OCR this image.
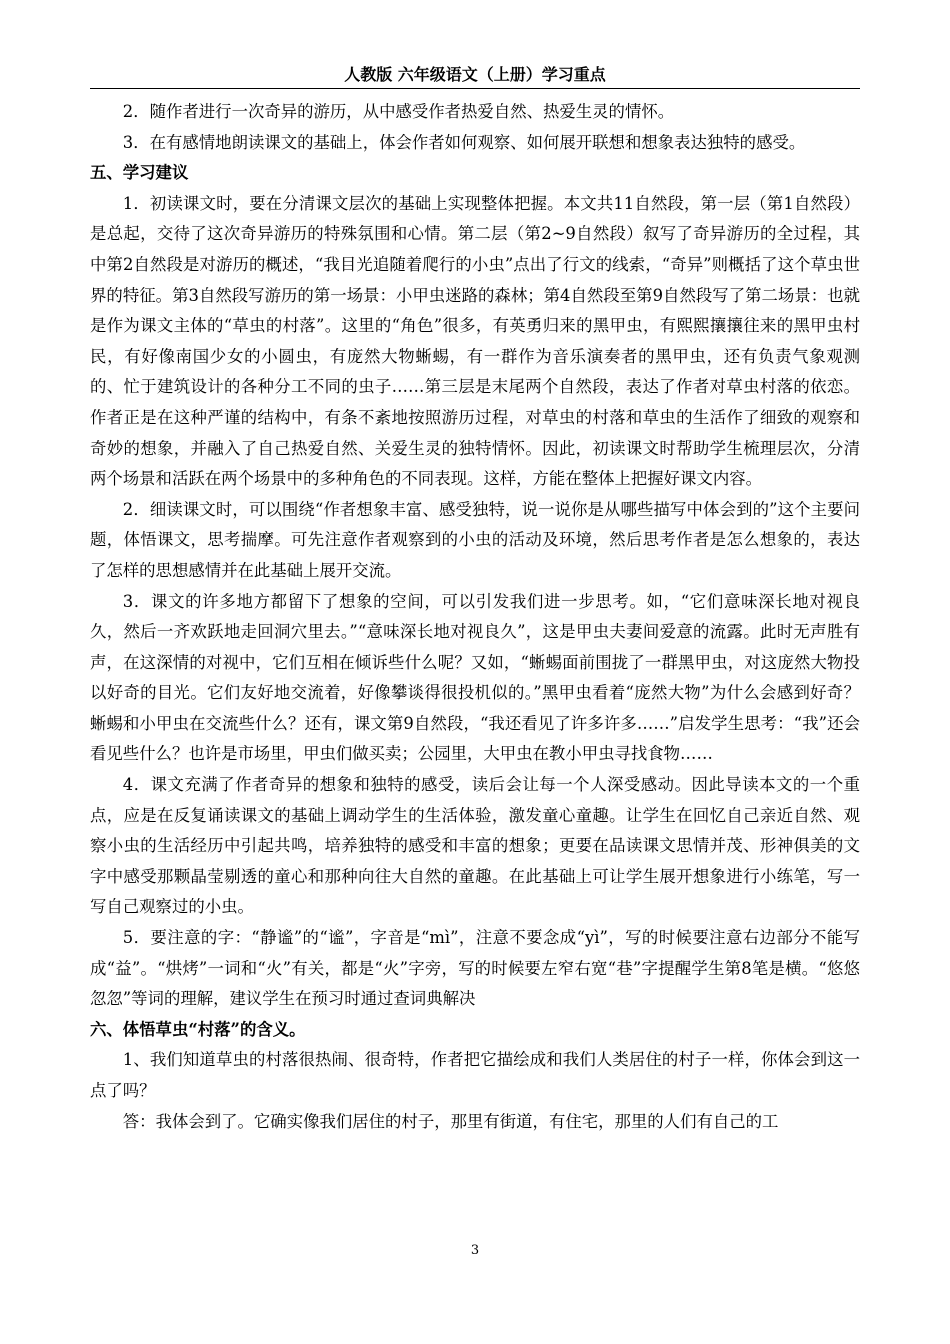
人教版 六年级语文（上册）学习重点

2．随作者进行一次奇异的游历，从中感受作者热爱自然、热爱生灵的情怀。

3．在有感情地朗读课文的基础上，体会作者如何观察、如何展开联想和想象表达独特的感受。

五、学习建议

1．初读课文时，要在分清课文层次的基础上实现整体把握。本文共11自然段，第一层（第1自然段）是总起，交待了这次奇异游历的特殊氛围和心情。第二层（第2~9自然段）叙写了奇异游历的全过程，其中第2自然段是对游历的概述，“我目光追随着爬行的小虫”点出了行文的线索，“奇异”则概括了这个草虫世界的特征。第3自然段写游历的第一场景：小甲虫迷路的森林；第4自然段至第9自然段写了第二场景：也就是作为课文主体的“草虫的村落”。这里的“角色”很多，有英勇归来的黑甲虫，有熙熙攘攘往来的黑甲虫村民，有好像南国少女的小圆虫，有庞然大物蜥蜴，有一群作为音乐演奏者的黑甲虫，还有负责气象观测的、忙于建筑设计的各种分工不同的虫子……第三层是末尾两个自然段，表达了作者对草虫村落的依恋。作者正是在这种严谨的结构中，有条不紊地按照游历过程，对草虫的村落和草虫的生活作了细致的观察和奇妙的想象，并融入了自己热爱自然、关爱生灵的独特情怀。因此，初读课文时帮助学生梳理层次，分清两个场景和活跃在两个场景中的多种角色的不同表现。这样，方能在整体上把握好课文内容。

2．细读课文时，可以围绕“作者想象丰富、感受独特，说一说你是从哪些描写中体会到的”这个主要问题，体悟课文，思考揣摩。可先注意作者观察到的小虫的活动及环境，然后思考作者是怎么想象的，表达了怎样的思想感情并在此基础上展开交流。

3．课文的许多地方都留下了想象的空间，可以引发我们进一步思考。如，“它们意味深长地对视良久，然后一齐欢跃地走回洞穴里去。”“意味深长地对视良久”，这是甲虫夫妻间爱意的流露。此时无声胜有声，在这深情的对视中，它们互相在倾诉些什么呢？又如，“蜥蜴面前围拢了一群黑甲虫，对这庞然大物投以好奇的目光。它们友好地交流着，好像攀谈得很投机似的。”黑甲虫看着“庞然大物”为什么会感到好奇？蜥蜴和小甲虫在交流些什么？还有，课文第9自然段，“我还看见了许多许多……”启发学生思考：“我”还会看见些什么？也许是市场里，甲虫们做买卖；公园里，大甲虫在教小甲虫寻找食物……

4．课文充满了作者奇异的想象和独特的感受，读后会让每一个人深受感动。因此导读本文的一个重点，应是在反复诵读课文的基础上调动学生的生活体验，激发童心童趣。让学生在回忆自己亲近自然、观察小虫的生活经历中引起共鸣，培养独特的感受和丰富的想象；更要在品读课文思情并茂、形神俱美的文字中感受那颗晶莹剔透的童心和那种向往大自然的童趣。在此基础上可让学生展开想象进行小练笔，写一写自己观察过的小虫。

5．要注意的字：“静谧”的“谧”，字音是“mì”，注意不要念成“yì”，写的时候要注意右边部分不能写成“益”。“烘烤”一词和“火”有关，都是“火”字旁，写的时候要左窄右宽“巷”字提醒学生第8笔是横。“悠悠忽忽”等词的理解，建议学生在预习时通过查词典解决

六、体悟草虫“村落”的含义。

1、我们知道草虫的村落很热闹、很奇特，作者把它描绘成和我们人类居住的村子一样，你体会到这一点了吗？

答：我体会到了。它确实像我们居住的村子，那里有街道，有住宅，那里的人们有自己的工

3
